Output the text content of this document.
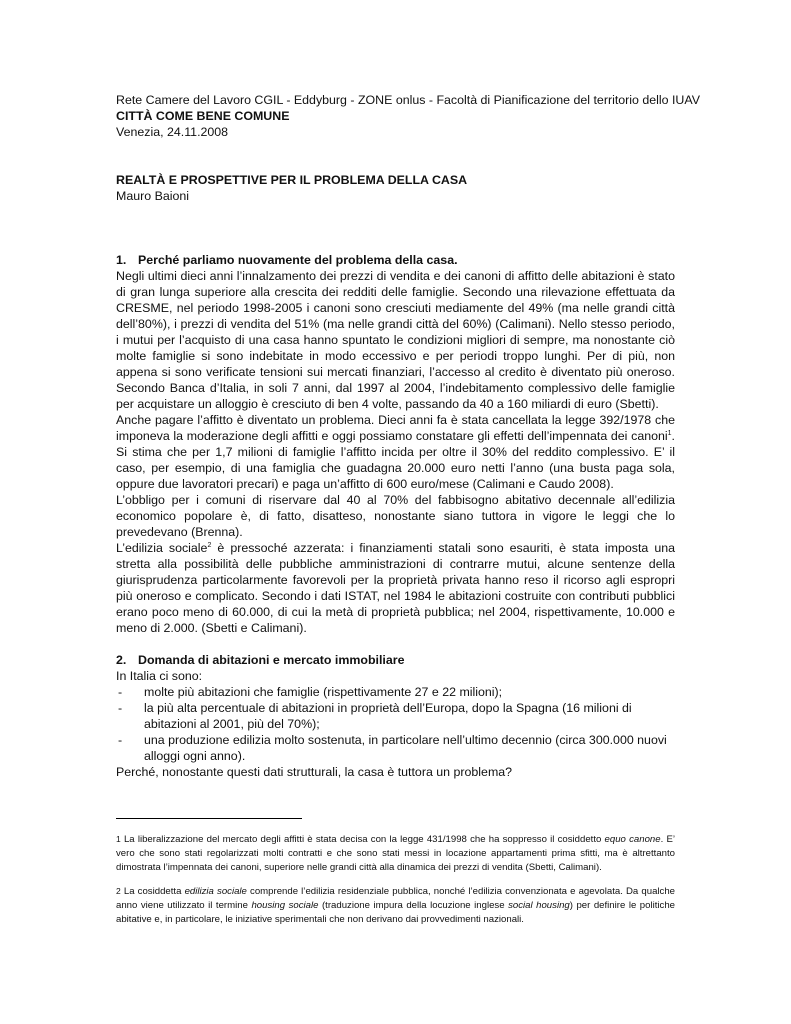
Rete Camere del Lavoro CGIL - Eddyburg - ZONE onlus - Facoltà di Pianificazione del territorio dello IUAV
CITTÀ COME BENE COMUNE
Venezia, 24.11.2008
REALTÀ E PROSPETTIVE PER IL PROBLEMA DELLA CASA
Mauro Baioni
1. Perché parliamo nuovamente del problema della casa.

Negli ultimi dieci anni l’innalzamento dei prezzi di vendita e dei canoni di affitto delle abitazioni è stato di gran lunga superiore alla crescita dei redditi delle famiglie. Secondo una rilevazione effettuata da CRESME, nel periodo 1998-2005 i canoni sono cresciuti mediamente del 49% (ma nelle grandi città dell’80%), i prezzi di vendita del 51% (ma nelle grandi città del 60%) (Calimani). Nello stesso periodo, i mutui per l’acquisto di una casa hanno spuntato le condizioni migliori di sempre, ma nonostante ciò molte famiglie si sono indebitate in modo eccessivo e per periodi troppo lunghi. Per di più, non appena si sono verificate tensioni sui mercati finanziari, l’accesso al credito è diventato più oneroso. Secondo Banca d’Italia, in soli 7 anni, dal 1997 al 2004, l’indebitamento complessivo delle famiglie per acquistare un alloggio è cresciuto di ben 4 volte, passando da 40 a 160 miliardi di euro (Sbetti).

Anche pagare l’affitto è diventato un problema. Dieci anni fa è stata cancellata la legge 392/1978 che imponeva la moderazione degli affitti e oggi possiamo constatare gli effetti dell’impennata dei canoni$^1$. Si stima che per 1,7 milioni di famiglie l’affitto incida per oltre il 30% del reddito complessivo. E’ il caso, per esempio, di una famiglia che guadagna 20.000 euro netti l’anno (una busta paga sola, oppure due lavoratori precari) e paga un’affitto di 600 euro/mese (Calimani e Caudo 2008).

L’obbligo per i comuni di riservare dal 40 al 70% del fabbisogno abitativo decennale all’edilizia economico popolare è, di fatto, disatteso, nonostante siano tuttora in vigore le leggi che lo prevedevano (Brenna).

L’edilizia sociale$^2$ è pressoché azzerata: i finanziamenti statali sono esauriti, è stata imposta una stretta alla possibilità delle pubbliche amministrazioni di contrarre mutui, alcune sentenze della giurisprudenza particolarmente favorevoli per la proprietà privata hanno reso il ricorso agli espropri più oneroso e complicato. Secondo i dati ISTAT, nel 1984 le abitazioni costruite con contributi pubblici erano poco meno di 60.000, di cui la metà di proprietà pubblica; nel 2004, rispettivamente, 10.000 e meno di 2.000. (Sbetti e Calimani).

2. Domanda di abitazioni e mercato immobiliare
In Italia ci sono:
- molte più abitazioni che famiglie (rispettivamente 27 e 22 milioni);
- la più alta percentuale di abitazioni in proprietà dell’Europa, dopo la Spagna (16 milioni di abitazioni al 2001, più del 70%);
- una produzione edilizia molto sostenuta, in particolare nell’ultimo decennio (circa 300.000 nuovi alloggi ogni anno).
Perché, nonostante questi dati strutturali, la casa è tuttora un problema?
$^1$ La liberalizzazione del mercato degli affitti è stata decisa con la legge 431/1998 che ha soppresso il cosiddetto equo canone. E’ vero che sono stati regolarizzati molti contratti e che sono stati messi in locazione appartamenti prima sfitti, ma è altrettanto dimostrata l’impennata dei canoni, superiore nelle grandi città alla dinamica dei prezzi di vendita (Sbetti, Calimani).
$^2$ La cosiddetta edilizia sociale comprende l’edilizia residenziale pubblica, nonché l’edilizia convenzionata e agevolata. Da qualche anno viene utilizzato il termine housing sociale (traduzione impura della locuzione inglese social housing) per definire le politiche abitative e, in particolare, le iniziative sperimentali che non derivano dai provvedimenti nazionali.
